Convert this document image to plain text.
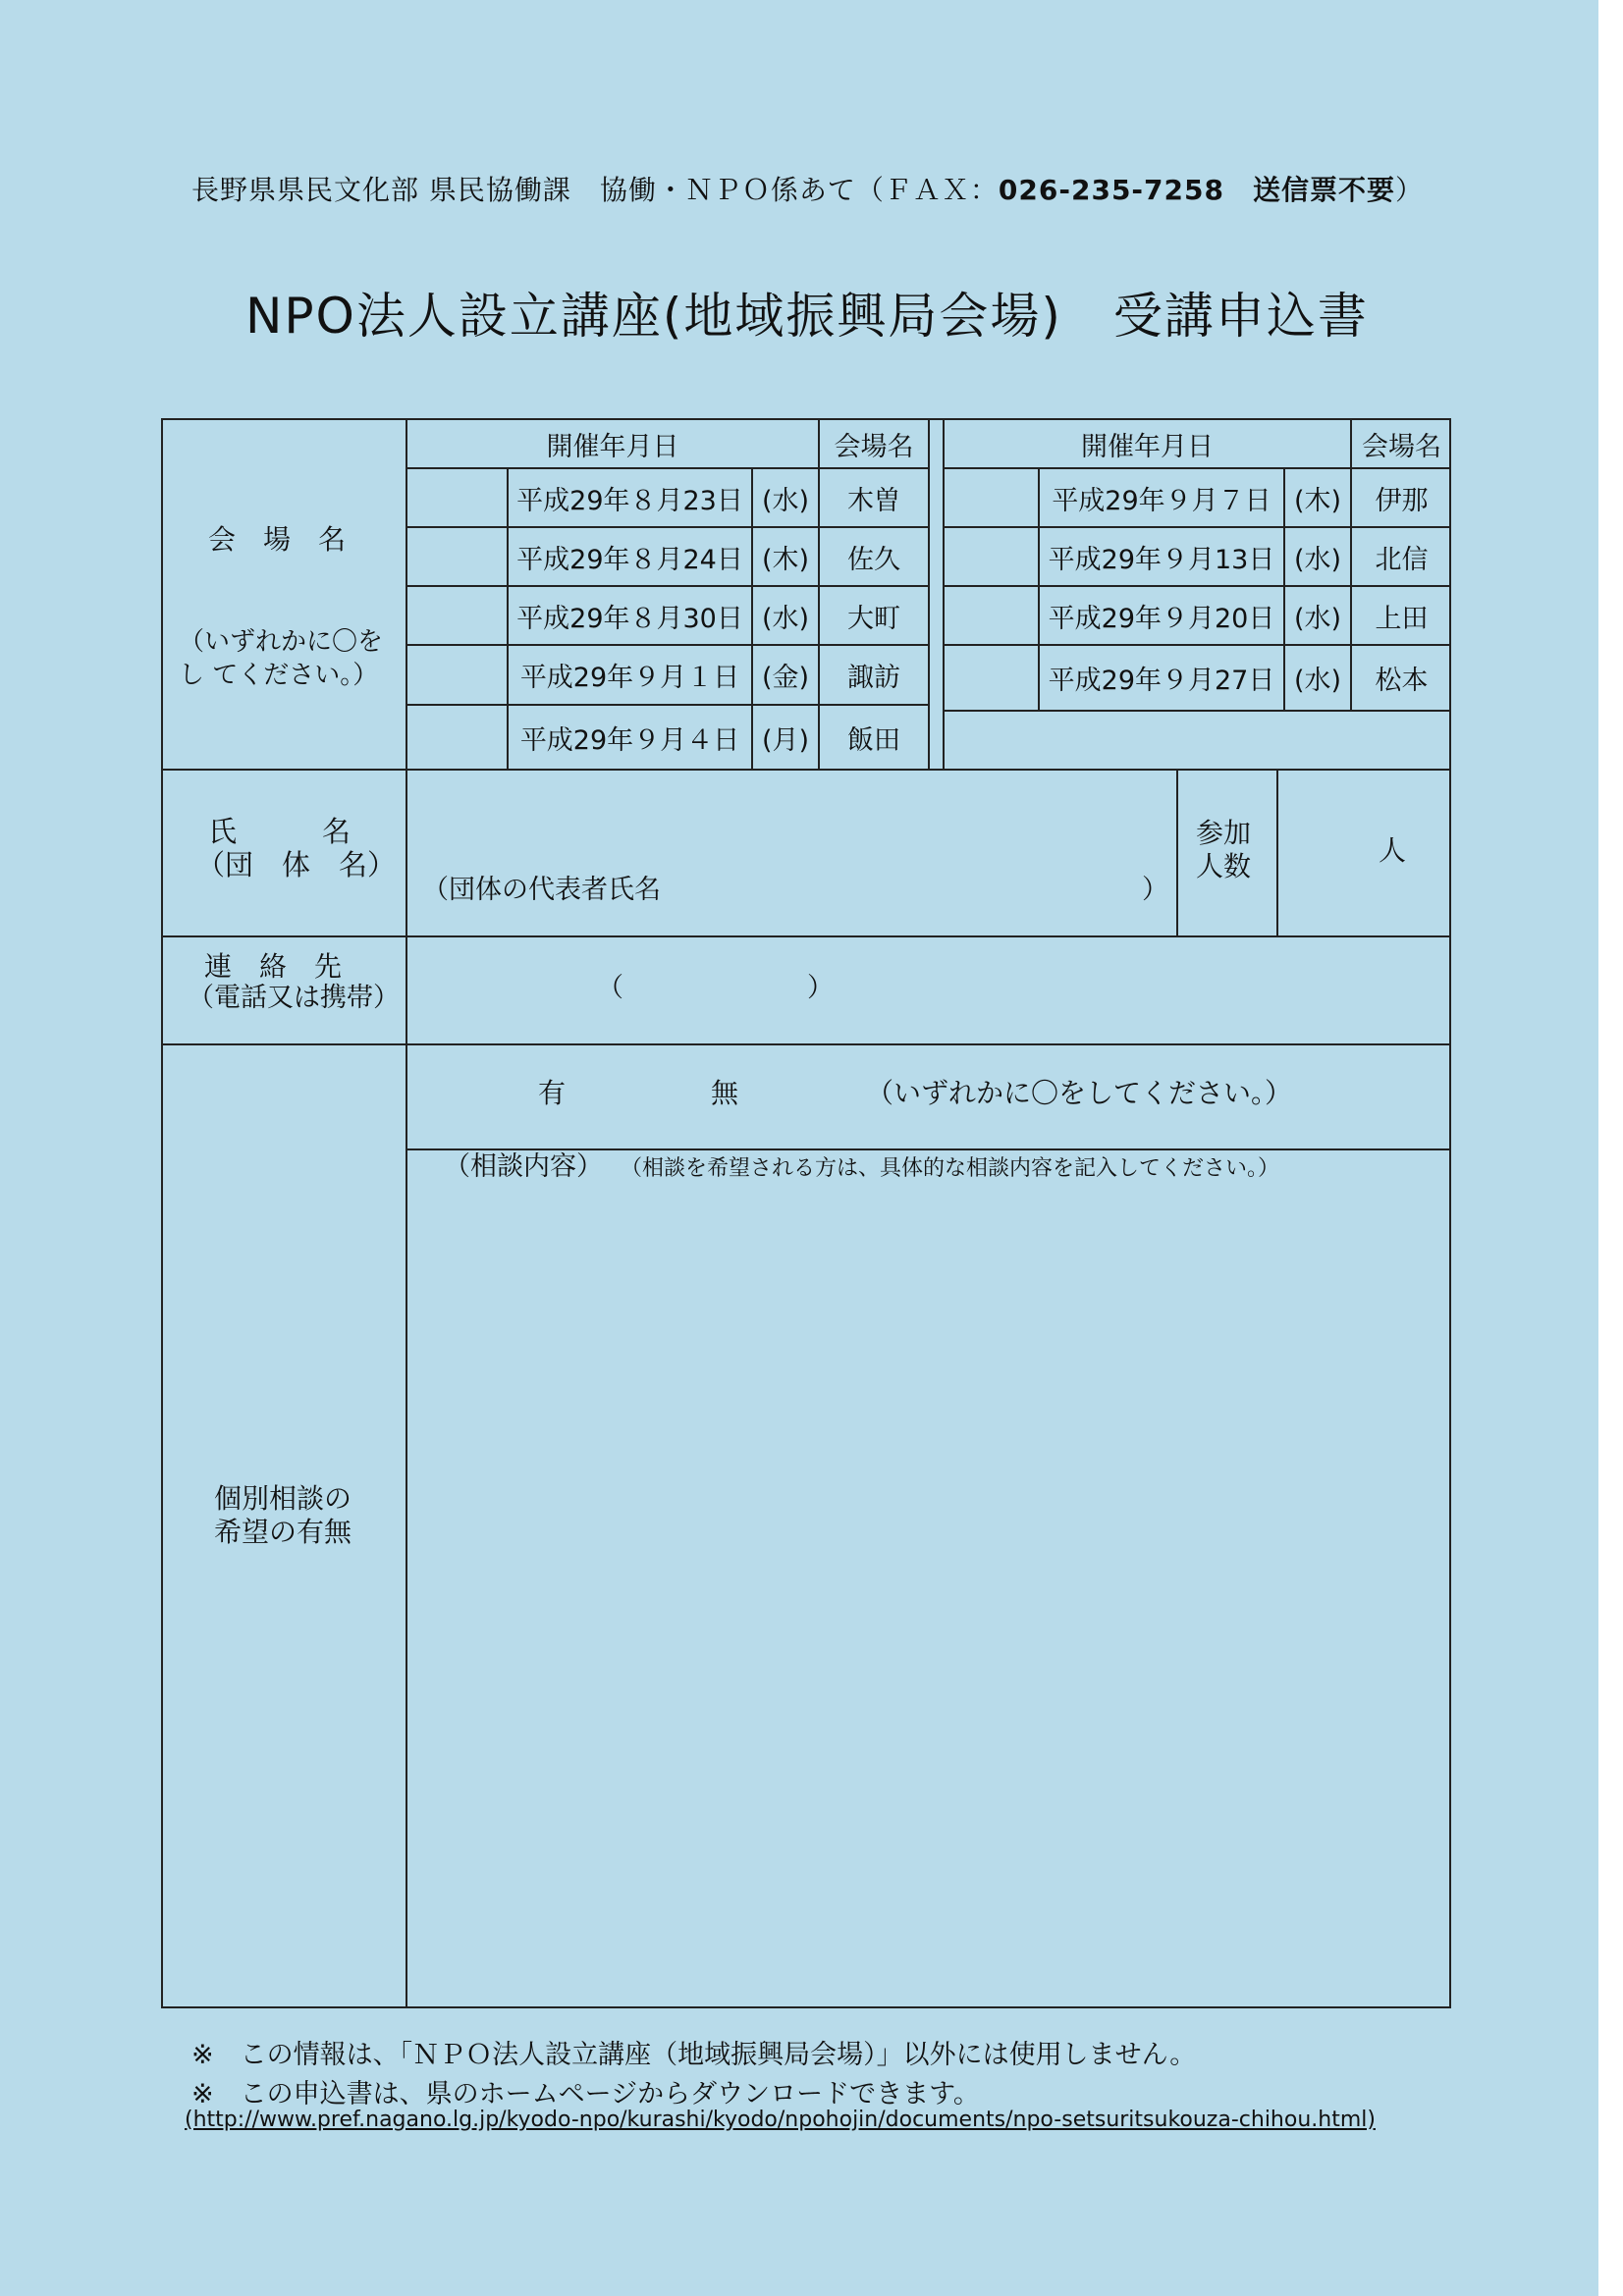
長野県県民文化部 県民協働課　協働・ＮＰＯ係あて（ＦＡＸ：026-235-7258　 送信票不要）
NPO法人設立講座(地域振興局会場)　受講申込書
会　場　名
（いずれかに〇をし てください。）
開催年月日	会場名	開催年月日	会場名
平成29年８月23日 (水)	木曽
平成29年８月24日 (木)	佐久
平成29年８月30日 (水)	大町
平成29年９月１日 (金)	諏訪
平成29年９月４日 (月)	飯田
平成29年９月７日 (木)	伊那
平成29年９月13日 (水)	北信
平成29年９月20日 (水)	上田
平成29年９月27日 (水)	松本
氏　　　名
（団　体　名）
（団体の代表者氏名	）
参加
人数	人
連　絡　先
（電話又は携帯）	（	）
個別相談の
希望の有無
有	無	（いずれかに〇をしてください。）
（相談内容） （相談を希望される方は、具体的な相談内容を記入してください。）
※　この情報は、「ＮＰＯ法人設立講座（地域振興局会場）」以外には使用しません。
※　この申込書は、県のホームページからダウンロードできます。
(http://www.pref.nagano.lg.jp/kyodo-npo/kurashi/kyodo/npohojin/documents/npo-setsuritsukouza-chihou.html)
